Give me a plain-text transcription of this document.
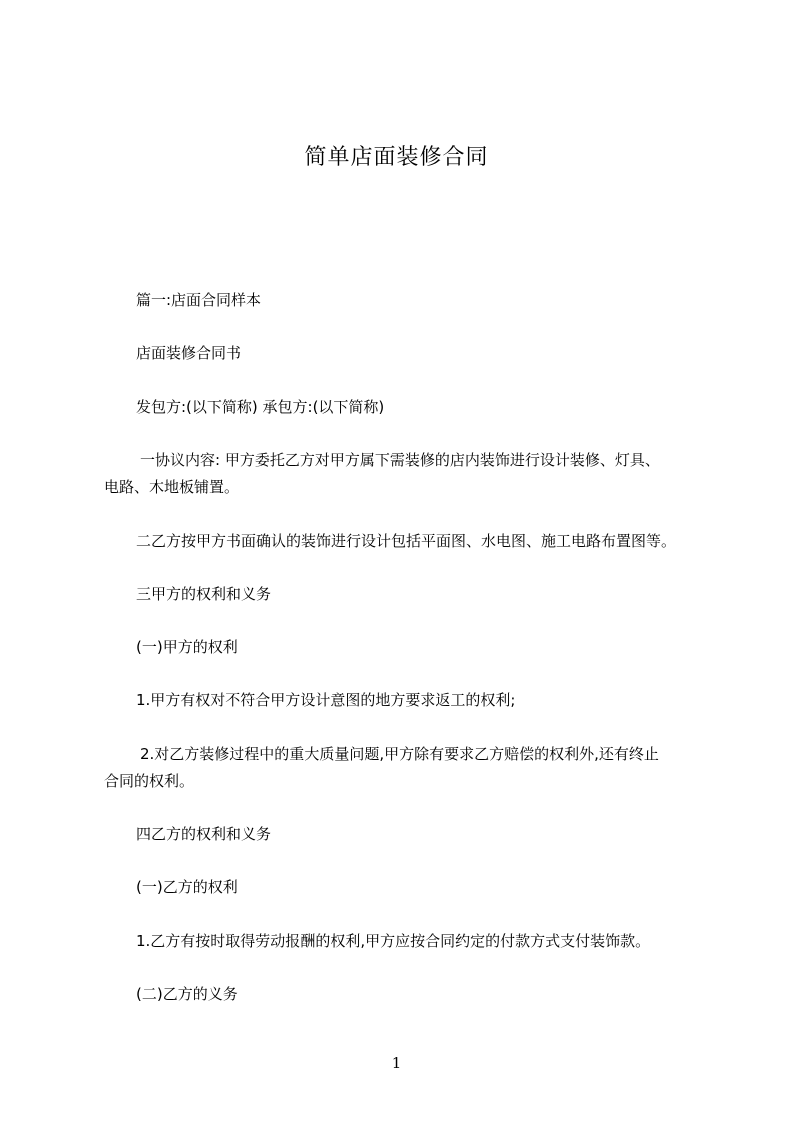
简单店面装修合同
篇一:店面合同样本
店面装修合同书
发包方:(以下简称) 承包方:(以下简称)
一协议内容: 甲方委托乙方对甲方属下需装修的店内装饰进行设计装修、灯具、
电路、木地板铺置。
二乙方按甲方书面确认的装饰进行设计包括平面图、水电图、施工电路布置图等。
三甲方的权利和义务
(一)甲方的权利
1.甲方有权对不符合甲方设计意图的地方要求返工的权利;
2.对乙方装修过程中的重大质量问题,甲方除有要求乙方赔偿的权利外,还有终止
合同的权利。
四乙方的权利和义务
(一)乙方的权利
1.乙方有按时取得劳动报酬的权利,甲方应按合同约定的付款方式支付装饰款。
(二)乙方的义务
1
